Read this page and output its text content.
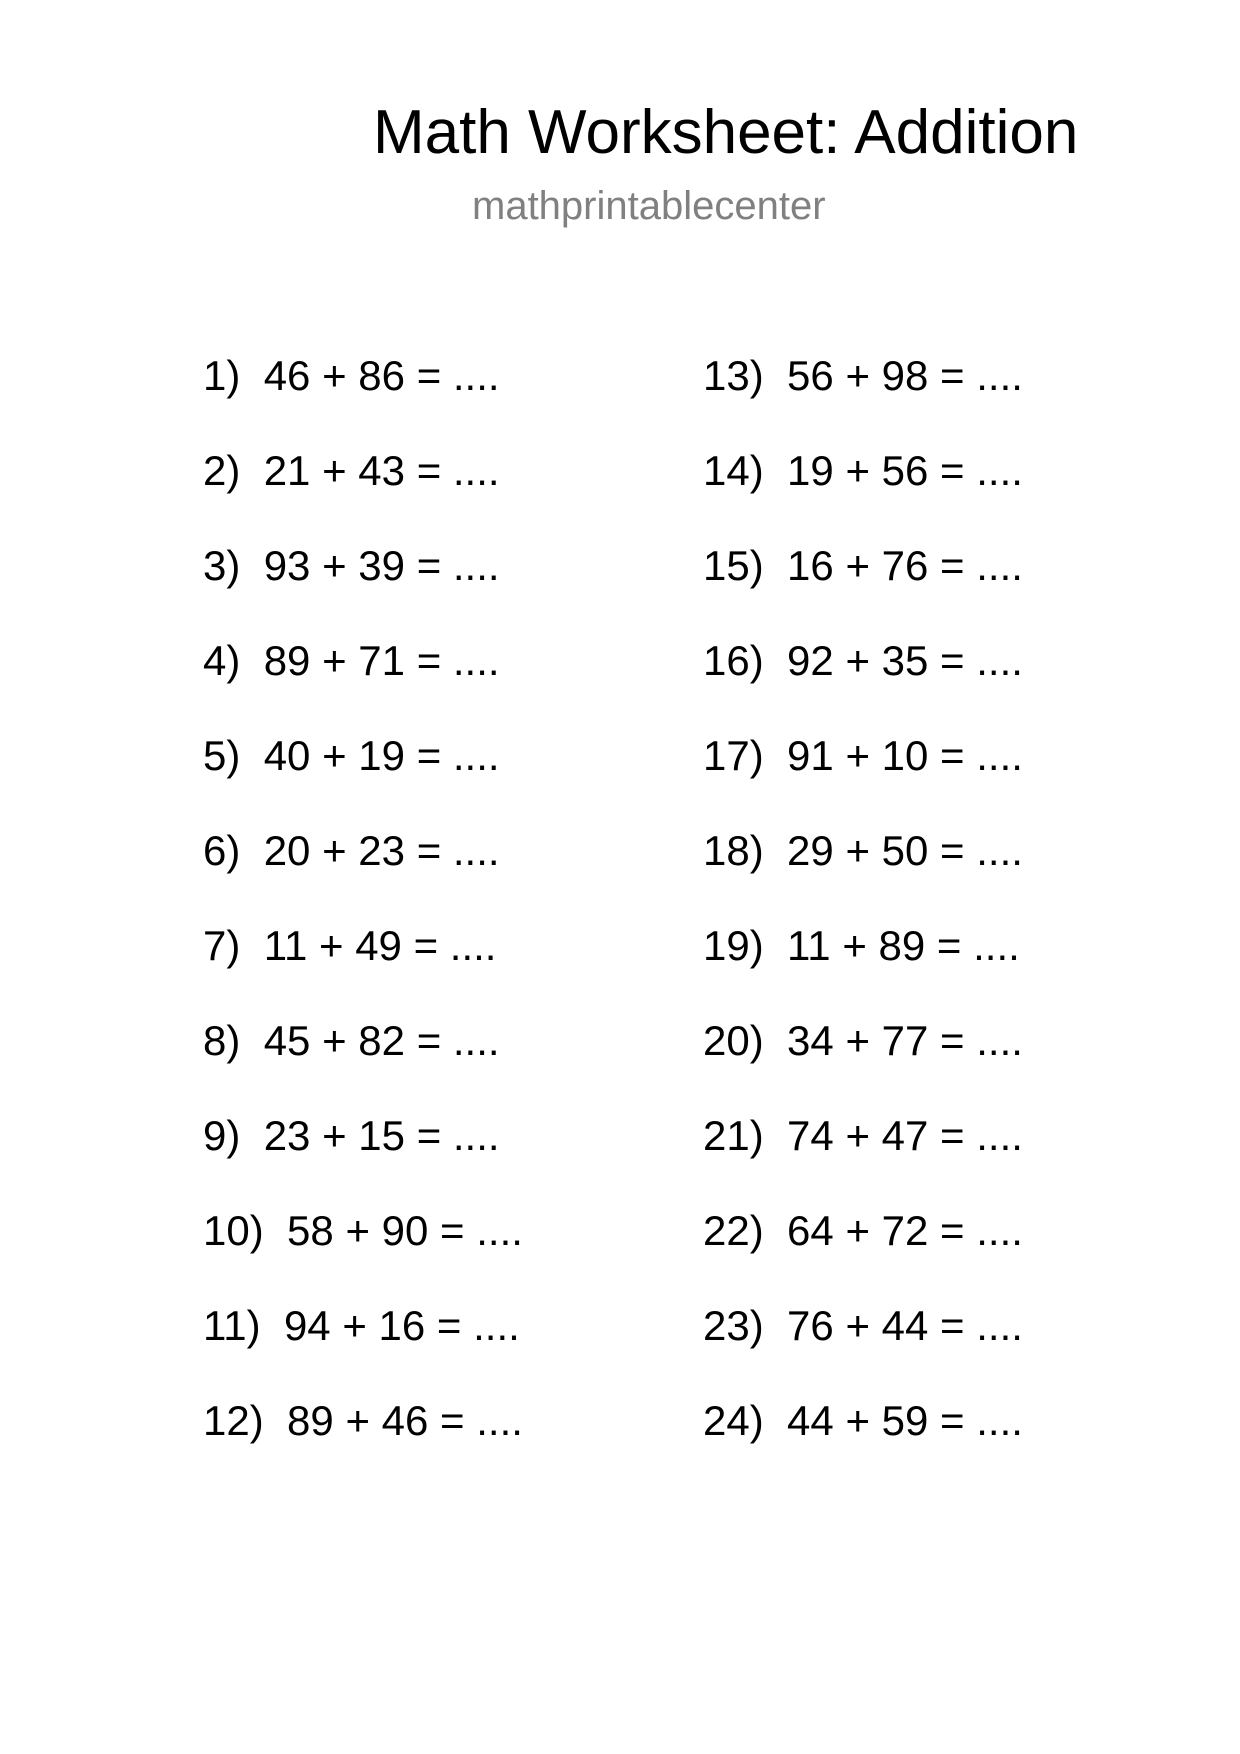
Math Worksheet: Addition
mathprintablecenter
1) 46 + 86 = ....
2) 21 + 43 = ....
3) 93 + 39 = ....
4) 89 + 71 = ....
5) 40 + 19 = ....
6) 20 + 23 = ....
7) 11 + 49 = ....
8) 45 + 82 = ....
9) 23 + 15 = ....
10) 58 + 90 = ....
11) 94 + 16 = ....
12) 89 + 46 = ....
13) 56 + 98 = ....
14) 19 + 56 = ....
15) 16 + 76 = ....
16) 92 + 35 = ....
17) 91 + 10 = ....
18) 29 + 50 = ....
19) 11 + 89 = ....
20) 34 + 77 = ....
21) 74 + 47 = ....
22) 64 + 72 = ....
23) 76 + 44 = ....
24) 44 + 59 = ....
